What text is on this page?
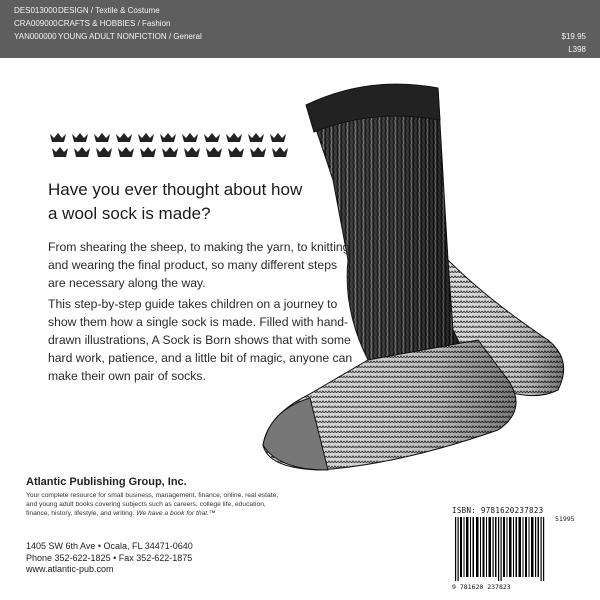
DES013000 DESIGN / Textile & Costume
CRA009000 CRAFTS & HOBBIES / Fashion
YAN000000 YOUNG ADULT NONFICTION / General	$19.95
L398
Have you ever thought about how
a wool sock is made?

From shearing the sheep, to making the yarn, to knitting and wearing the final product, so many different steps are necessary along the way.

This step-by-step guide takes children on a journey to show them how a single sock is made. Filled with hand-drawn illustrations, A Sock is Born shows that with some hard work, patience, and a little bit of magic, anyone can make their own pair of socks.

Atlantic Publishing Group, Inc.
Your complete resource for small business, management, finance, online, real estate, and young adult books covering subjects such as careers, college life, education, finance, history, lifestyle, and writing. We have a book for that.™
1405 SW 6th Ave • Ocala, FL 34471-0640
Phone 352-622-1825 • Fax 352-622-1875
www.atlantic-pub.com
ISBN: 9781620237823
51995
9 781620 237823
